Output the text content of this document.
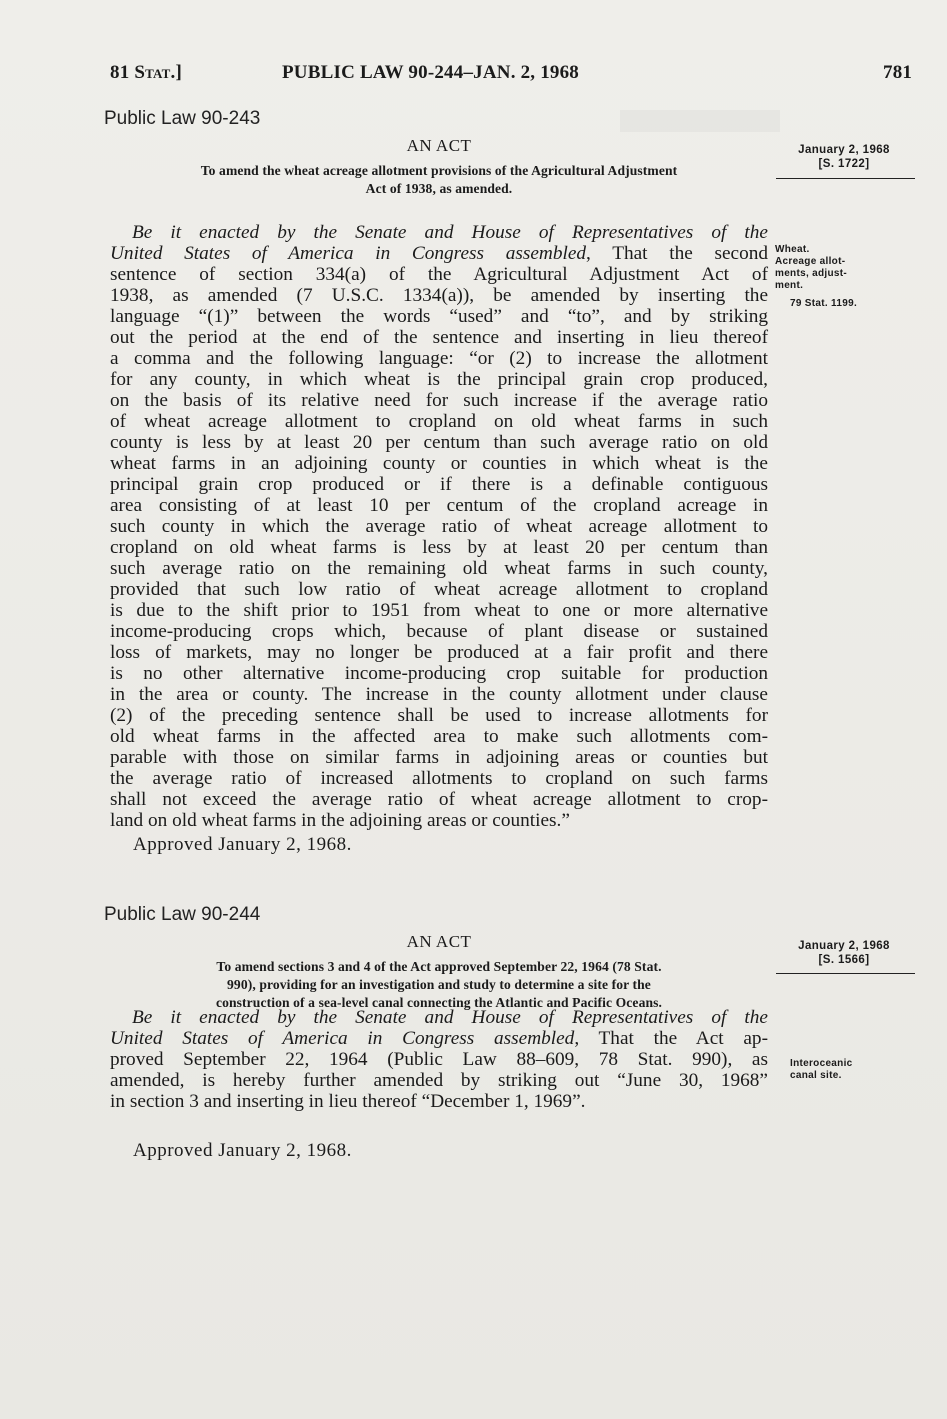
81 Stat.]	PUBLIC LAW 90-244–JAN. 2, 1968	781
Public Law 90-243
AN ACT
To amend the wheat acreage allotment provisions of the Agricultural Adjustment
Act of 1938, as amended.
January 2, 1968
[S. 1722]
Be it enacted by the Senate and House of Representatives of the
United States of America in Congress assembled, That the second
sentence of section 334(a) of the Agricultural Adjustment Act of
1938, as amended (7 U.S.C. 1334(a)), be amended by inserting the
language “(1)” between the words “used” and “to”, and by striking
out the period at the end of the sentence and inserting in lieu thereof
a comma and the following language: “or (2) to increase the allotment
for any county, in which wheat is the principal grain crop produced,
on the basis of its relative need for such increase if the average ratio
of wheat acreage allotment to cropland on old wheat farms in such
county is less by at least 20 per centum than such average ratio on old
wheat farms in an adjoining county or counties in which wheat is the
principal grain crop produced or if there is a definable contiguous
area consisting of at least 10 per centum of the cropland acreage in
such county in which the average ratio of wheat acreage allotment to
cropland on old wheat farms is less by at least 20 per centum than
such average ratio on the remaining old wheat farms in such county,
provided that such low ratio of wheat acreage allotment to cropland
is due to the shift prior to 1951 from wheat to one or more alternative
income-producing crops which, because of plant disease or sustained
loss of markets, may no longer be produced at a fair profit and there
is no other alternative income-producing crop suitable for production
in the area or county. The increase in the county allotment under clause
(2) of the preceding sentence shall be used to increase allotments for
old wheat farms in the affected area to make such allotments com-
parable with those on similar farms in adjoining areas or counties but
the average ratio of increased allotments to cropland on such farms
shall not exceed the average ratio of wheat acreage allotment to crop-
land on old wheat farms in the adjoining areas or counties.”
Approved January 2, 1968.
Wheat.
Acreage allot-
ments, adjust-
ment.
79 Stat. 1199.
Public Law 90-244
AN ACT
To amend sections 3 and 4 of the Act approved September 22, 1964 (78 Stat.
990), providing for an investigation and study to determine a site for the
construction of a sea-level canal connecting the Atlantic and Pacific Oceans.
January 2, 1968
[S. 1566]
Be it enacted by the Senate and House of Representatives of the
United States of America in Congress assembled, That the Act ap-
proved September 22, 1964 (Public Law 88–609, 78 Stat. 990), as
amended, is hereby further amended by striking out “June 30, 1968”
in section 3 and inserting in lieu thereof “December 1, 1969”.
Approved January 2, 1968.
Interoceanic
canal site.
